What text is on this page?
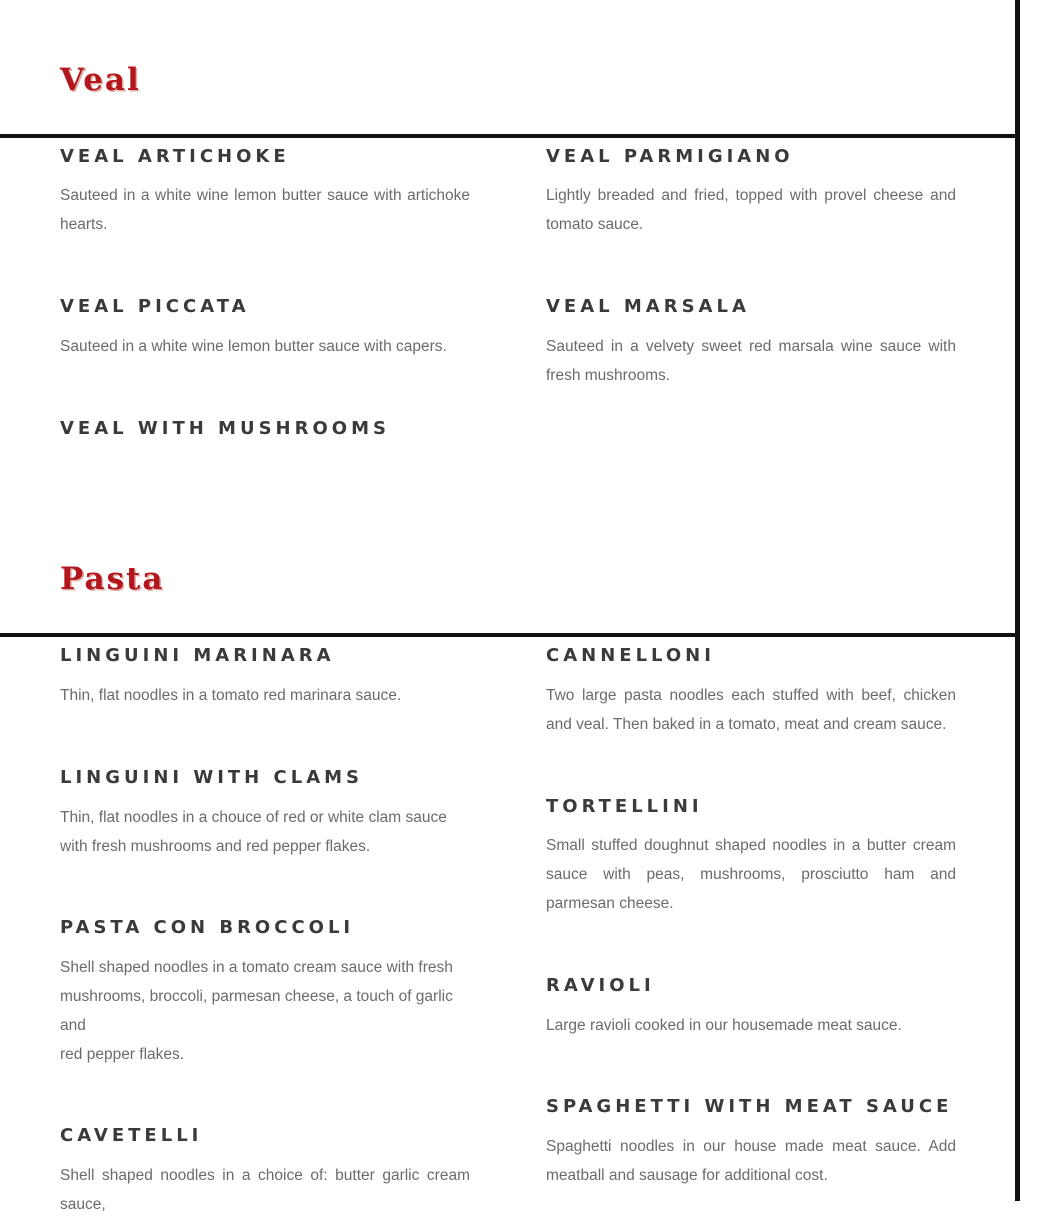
Veal
VEAL ARTICHOKE

Sauteed in a white wine lemon butter sauce with artichoke hearts.

VEAL PARMIGIANO

Lightly breaded and fried, topped with provel cheese and tomato sauce.

VEAL PICCATA

Sauteed in a white wine lemon butter sauce with capers.

VEAL MARSALA

Sauteed in a velvety sweet red marsala wine sauce with fresh mushrooms.

VEAL WITH MUSHROOMS
Pasta
LINGUINI MARINARA

Thin, flat noodles in a tomato red marinara sauce.

CANNELLONI

Two large pasta noodles each stuffed with beef, chicken and veal. Then baked in a tomato, meat and cream sauce.

LINGUINI WITH CLAMS

Thin, flat noodles in a chouce of red or white clam sauce
with fresh mushrooms and red pepper flakes.

TORTELLINI

Small stuffed doughnut shaped noodles in a butter cream sauce with peas, mushrooms, prosciutto ham and parmesan cheese.

PASTA CON BROCCOLI

Shell shaped noodles in a tomato cream sauce with fresh
mushrooms, broccoli, parmesan cheese, a touch of garlic and
red pepper flakes.

RAVIOLI

Large ravioli cooked in our housemade meat sauce.

SPAGHETTI WITH MEAT SAUCE

Spaghetti noodles in our house made meat sauce. Add meatball and sausage for additional cost.

CAVETELLI

Shell shaped noodles in a choice of: butter garlic cream sauce,
